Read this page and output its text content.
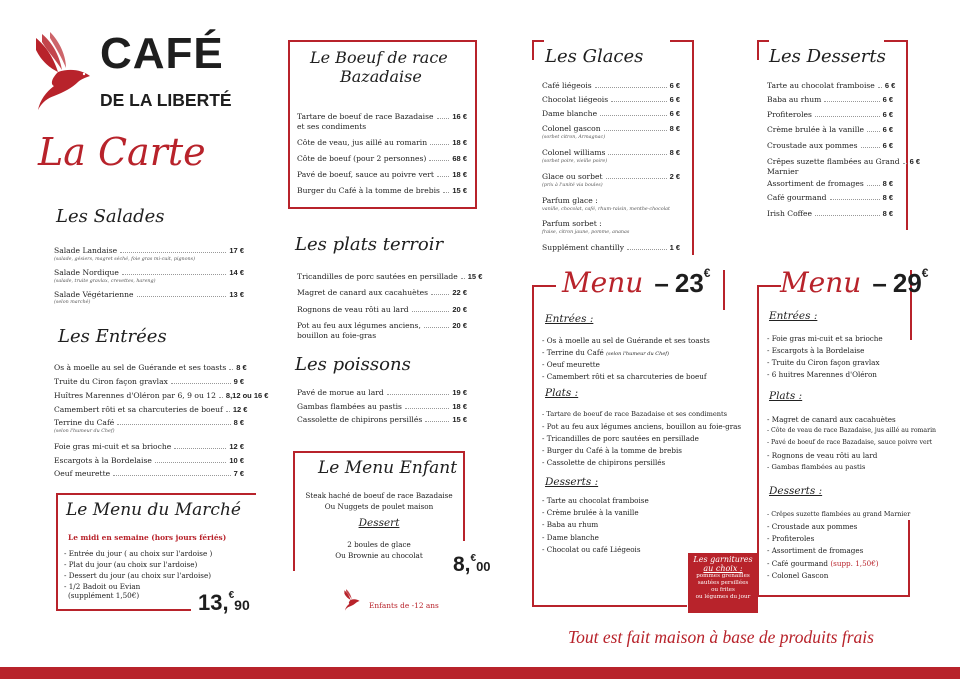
CAFÉ
DE LA LIBERTÉ
La Carte
Les Salades
Salade Landaise	17 €
(salade, gésiers, magret séché, foie gras mi-cuit, pignons)
Salade Nordique	14 €
(salade, truite gravlax, crevettes, hareng)
Salade Végétarienne	13 €
(selon marché)
Les Entrées
Os à moelle au sel de Guérande et ses toasts 8 €
Truite du Ciron façon gravlax	9 €
Huîtres Marennes d'Oléron par 6, 9 ou 12 8,12 ou 16 €
Camembert rôti et sa charcuteries de boeuf 12 €
Terrine du Café	8 €
(selon l'humeur du Chef)
Foie gras mi-cuit et sa brioche	12 €
Escargots à la Bordelaise	10 €
Oeuf meurette	7 €
Le Menu du Marché
Le midi en semaine (hors jours fériés)
- Entrée du jour ( au choix sur l'ardoise )
- Plat du jour (au choix sur l'ardoise)
- Dessert du jour (au choix sur l'ardoise)
- 1/2 Badoit ou Evian
(supplément 1,50€)	13,€90
Le Boeuf de race
Bazadaise
Tartare de boeuf de race Bazadaise	16 €
et ses condiments
Côte de veau, jus aillé au romarin	18 €
Côte de boeuf (pour 2 personnes)	68 €
Pavé de boeuf, sauce au poivre vert 18 €
Burger du Café à la tomme de brebis 15 €
Les plats terroir
Tricandilles de porc sautées en persillade 15 €
Magret de canard aux cacahuètes	22 €
Rognons de veau rôti au lard	20 €
Pot au feu aux légumes anciens,	20 €
bouillon au foie-gras
Les poissons
Pavé de morue au lard	19 €
Gambas flambées au pastis	18 €
Cassolette de chipirons persillés	15 €
Le Menu Enfant
Steak haché de boeuf de race Bazadaise
Ou Nuggets de poulet maison
Dessert
2 boules de glace
Ou Brownie au chocolat	8,€00
Enfants de -12 ans
Les Glaces
Café liégeois	6 €
Chocolat liégeois	6 €
Dame blanche	6 €
Colonel gascon	8 €
(sorbet citron, Armagnac)
Colonel williams	8 €
(sorbet poire, vieille poire)
Glace ou sorbet	2 €
(prix à l'unité via boules)
Parfum glace :
vanille, chocolat, café, rhum-raisin, menthe-chocolat
Parfum sorbet :
fraise, citron jaune, pomme, ananas
Supplément chantilly	1 €
Les Desserts
Tarte au chocolat framboise 6 €
Baba au rhum	6 €
Profiteroles	6 €
Crème brulée à la vanille 6 €
Croustade aux pommes	6 €
Crêpes suzette flambées au Grand 6 €
Marnier
Assortiment de fromages	8 €
Café gourmand	8 €
Irish Coffee	8 €
Menu – 23€
Entrées :
- Os à moelle au sel de Guérande et ses toasts
- Terrine du Café (selon l'humeur du Chef)
- Oeuf meurette
- Camembert rôti et sa charcuteries de boeuf
Plats :
- Tartare de boeuf de race Bazadaise et ses condiments
- Pot au feu aux légumes anciens, bouillon au foie-gras
- Tricandilles de porc sautées en persillade
- Burger du Café à la tomme de brebis
- Cassolette de chipirons persillés
Desserts :
- Tarte au chocolat framboise
- Crème brulée à la vanille
- Baba au rhum
- Dame blanche
- Chocolat ou café Liégeois
Les garnitures
au choix :
pommes grenailles
sautées persillées
ou frites
ou légumes du jour
Menu – 29€
Entrées :
- Foie gras mi-cuit et sa brioche
- Escargots à la Bordelaise
- Truite du Ciron façon gravlax
- 6 huitres Marennes d'Oléron
Plats :
- Magret de canard aux cacahuètes
- Côte de veau de race Bazadaise, jus aillé au romarin
- Pavé de boeuf de race Bazadaise, sauce poivre vert
- Rognons de veau rôti au lard
- Gambas flambées au pastis
Desserts :
- Crêpes suzette flambées au grand Marnier
- Croustade aux pommes
- Profiteroles
- Assortiment de fromages
- Café gourmand (supp. 1,50€)
- Colonel Gascon
Tout est fait maison à base de produits frais
